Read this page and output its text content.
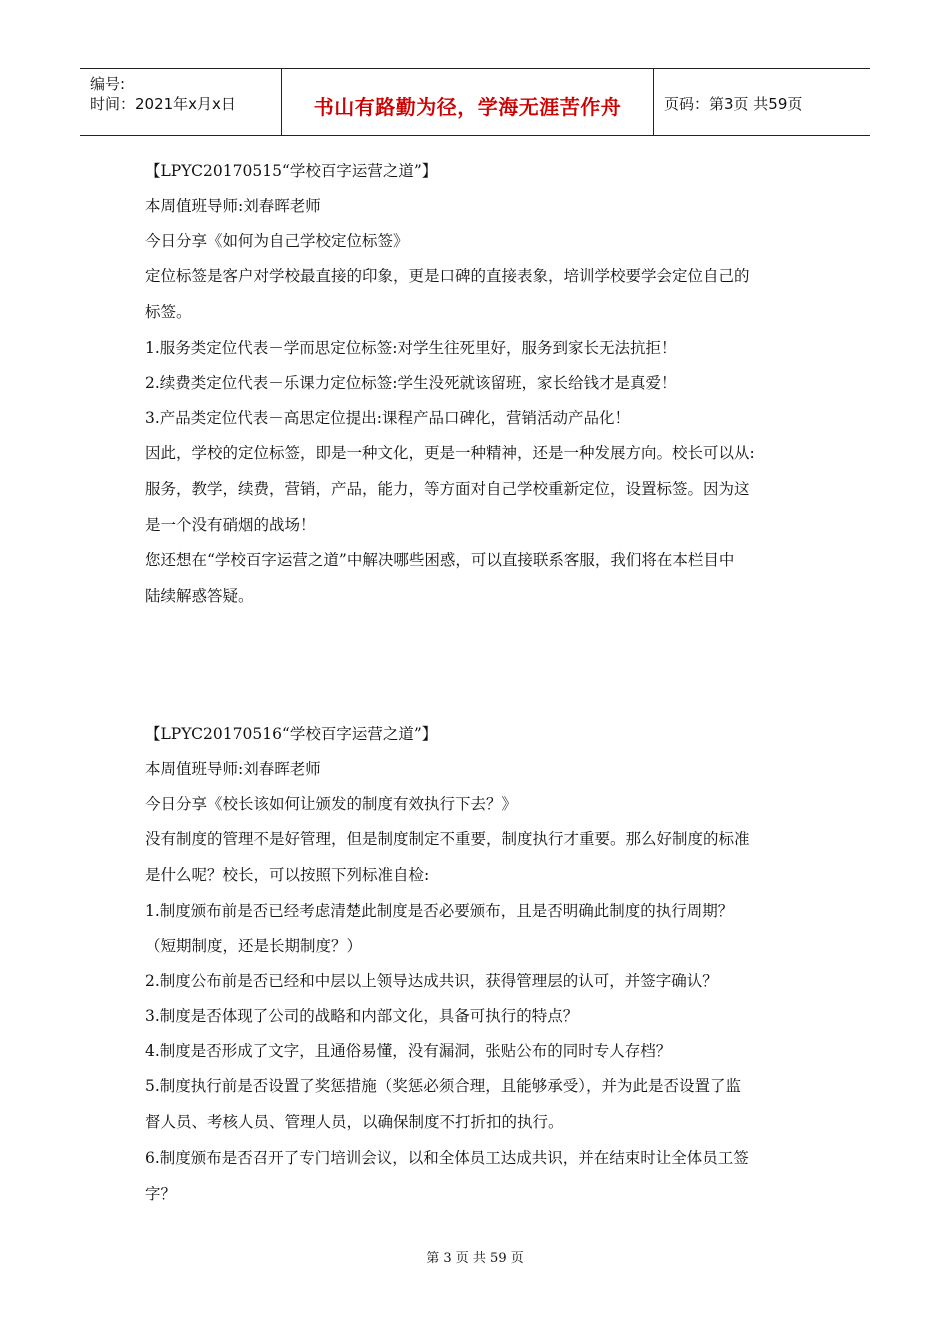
编号:
时间：2021年x月x日	书山有路勤为径，学海无涯苦作舟	页码：第3页 共59页
【LPYC20170515“学校百字运营之道”】
本周值班导师:刘春晖老师
今日分享《如何为自己学校定位标签》
定位标签是客户对学校最直接的印象，更是口碑的直接表象，培训学校要学会定位自己的
标签。
1.服务类定位代表－学而思定位标签:对学生往死里好，服务到家长无法抗拒！
2.续费类定位代表－乐课力定位标签:学生没死就该留班，家长给钱才是真爱！
3.产品类定位代表－高思定位提出:课程产品口碑化，营销活动产品化！
因此，学校的定位标签，即是一种文化，更是一种精神，还是一种发展方向。校长可以从:
服务，教学，续费，营销，产品，能力，等方面对自己学校重新定位，设置标签。因为这
是一个没有硝烟的战场！
您还想在“学校百字运营之道”中解决哪些困惑，可以直接联系客服，我们将在本栏目中
陆续解惑答疑。
【LPYC20170516“学校百字运营之道”】
本周值班导师:刘春晖老师
今日分享《校长该如何让颁发的制度有效执行下去？》
没有制度的管理不是好管理，但是制度制定不重要，制度执行才重要。那么好制度的标准
是什么呢？校长，可以按照下列标准自检:
1.制度颁布前是否已经考虑清楚此制度是否必要颁布，且是否明确此制度的执行周期？
（短期制度，还是长期制度？）
2.制度公布前是否已经和中层以上领导达成共识，获得管理层的认可，并签字确认？
3.制度是否体现了公司的战略和内部文化，具备可执行的特点？
4.制度是否形成了文字，且通俗易懂，没有漏洞，张贴公布的同时专人存档？
5.制度执行前是否设置了奖惩措施（奖惩必须合理，且能够承受），并为此是否设置了监
督人员、考核人员、管理人员，以确保制度不打折扣的执行。
6.制度颁布是否召开了专门培训会议，以和全体员工达成共识，并在结束时让全体员工签
字？
第 3 页 共 59 页
